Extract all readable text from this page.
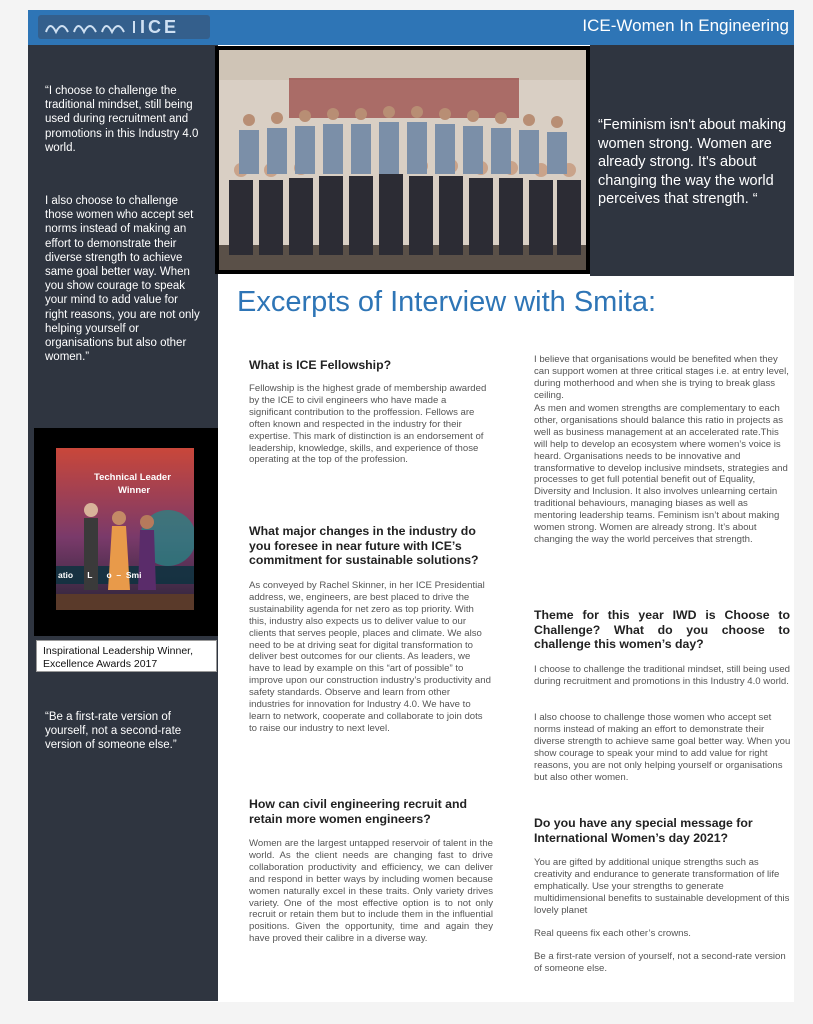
ICE	ICE-Women In Engineering
“I choose to challenge the traditional mindset, still being used during recruitment and promotions in this Industry 4.0 world.
I also choose to challenge those women who accept set norms instead of making an effort to demonstrate their diverse strength to achieve same goal better way. When you show courage to speak your mind to add value for right reasons, you are not only helping yourself or organisations but also other women.”
Technical Leader
Winner
atio      L      o  –  Smi
Inspirational Leadership Winner, Excellence Awards 2017
“Be a first-rate version of yourself, not a second-rate version of someone else.”
“Feminism isn't about making women strong. Women are already strong. It's about changing the way the world perceives that strength. “
Excerpts of Interview with Smita:
What is ICE Fellowship?
Fellowship is the highest grade of membership awarded by the ICE to civil engineers who have made a significant contribution to the proffession. Fellows are often known and respected in the industry for their expertise. This mark of distinction is an endorsement of leadership, knowledge, skills, and experience of those operating at the top of the profession.
What major changes in the industry do you foresee in near future with ICE’s commitment for sustainable solutions?
As conveyed by Rachel Skinner, in her ICE Presidential address, we, engineers, are best placed to drive the sustainability agenda for net zero as top priority. With this, industry also expects us to deliver value to our clients that serves people, places and climate. We also need to be at driving seat for digital transformation to deliver best outcomes for our clients. As leaders, we have to lead by example on this “art of possible” to improve upon our construction industry’s productivity and safety standards. Observe and learn from other industries for innovation for Industry 4.0. We have to learn to network, cooperate and collaborate to join dots to raise our industry to next level.
How can civil engineering recruit and retain more women engineers?
Women are the largest untapped reservoir of talent in the world. As the client needs are changing fast to drive collaboration productivity and efficiency, we can deliver and respond in better ways by including women because women naturally excel in these traits. Only variety drives variety. One of the most effective option is to not only recruit or retain them but to include them in the influential positions. Given the opportunity, time and again they have proved their calibre in a diverse way.
I believe that organisations would be benefited when they can support women at three critical stages i.e. at entry level, during motherhood and when she is trying to break glass ceiling.
As men and women strengths are complementary to each other, organisations should balance this ratio in projects as well as business management at an accelerated rate.This will help to develop an ecosystem where women’s voice is heard. Organisations needs to be innovative and transformative to develop inclusive mindsets, strategies and processes to get full potential benefit out of Equality, Diversity and Inclusion. It also involves unlearning certain traditional behaviours, managing biases as well as mentoring leadership teams. Feminism isn’t about making women strong. Women are already strong. It’s about changing the way the world perceives that strength.
Theme for this year IWD is Choose to Challenge? What do you choose to challenge this women’s day?
I choose to challenge the traditional mindset, still being used during recruitment and promotions in this Industry 4.0 world.
I also choose to challenge those women who accept set norms instead of making an effort to demonstrate their diverse strength to achieve same goal better way. When you show courage to speak your mind to add value for right reasons, you are not only helping yourself or organisations but also other women.
Do you have any special message for International Women’s day 2021?
You are gifted by additional unique strengths such as creativity and endurance to generate transformation of life emphatically. Use your strengths to generate multidimensional benefits to sustainable development of this lovely planet
Real queens fix each other’s crowns.
Be a first-rate version of yourself, not a second-rate version of someone else.
